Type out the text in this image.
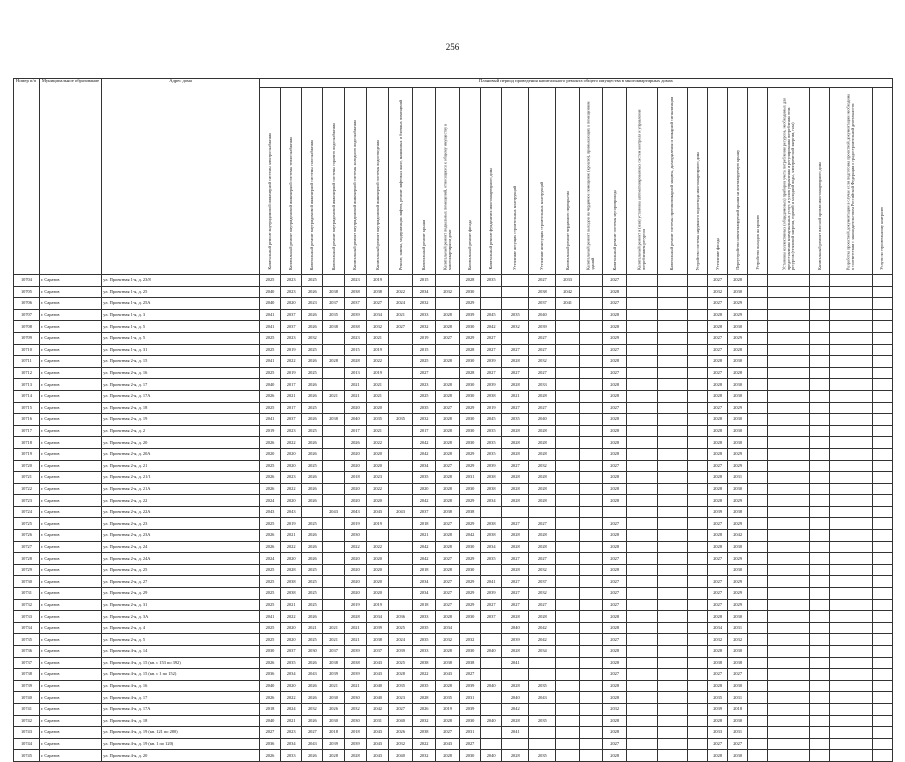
256
Номер п/п	Муниципальное образование	Адрес дома	Плановый период проведения капитального ремонта общего имущества в многоквартирных домах																									

			Капитальный ремонт внутридомовой инженерной системы электроснабжения	Капитальный ремонт внутридомовой инженерной системы теплоснабжения	Капитальный ремонт внутридомовой инженерной системы газоснабжения	Капитальный ремонт внутридомовой инженерной системы горячего водоснабжения	Капитальный ремонт внутридомовой инженерной системы холодного водоснабжения	Капитальный ремонт внутридомовой инженерной системы водоотведения	Ремонт, замена, модернизация лифтов, ремонт лифтовых шахт, машинных и блочных помещений	Капитальный ремонт крыши	Капитальный ремонт подвальных помещений, относящихся к общему имуществу в многоквартирном доме	Капитальный ремонт фасада	Капитальный ремонт фундамента многоквартирного дома	Утепление несущих строительных конструкций	Утепление ненесущих строительных конструкций	Капитальный ремонт чердачного перекрытия	Капитальный ремонт выходов на чердачное помещение (кровлю), примыкающих к помещениям зданий	Капитальный ремонт системы мусоропровода	Капитальный ремонт и (или) установка автоматизированных систем контроля и управления потреблением ресурсов	Капитальный ремонт системы противопожарной защиты, дымоудаления и пожарной сигнализации	Устройство системы наружного водоотвода многоквартирного дома	Утепление фасада	Переустройство невентилируемой крыши на вентилируемую крышу	Устройство выходов на кровлю	Установка коллективных (общедомовых) приборов учета потребления ресурсов, необходимых для предоставления коммунальных услуг, и узлов управления и регулирования потребления этих ресурсов (тепловой энергии, горячей и холодной воды, электрической энергии, газа)	Капитальный ремонт плоской кровли многоквартирного дома	Разработка проектной документации в случае если подготовка проектной документации необходима в соответствии с законодательством Российской Федерации о градостроительной деятельности	Услуги по строительному контролю

10704	г. Саратов	ул. Проектная 1-я, д. 23/8	2025	2023	2025		2023	2019		2015		2028	2035		2027	2033		2027				2027	2028					
10705	г. Саратов	ул. Проектная 1-я, д. 25	2040	2023	2026	2038	2038	2038	2022	2034	2032	2030			2038	2042		2028				2032	2030					
10706	г. Саратов	ул. Проектная 1-я, д. 25А	2040	2020	2023	2037	2037	2027	2024	2032		2029			2037	2041		2027				2027	2029					
10707	г. Саратов	ул. Проектная 1-я, д. 3	2041	2037	2026	2035	2039	2034	2021	2033	2028	2039	2045	2035	2040			2028				2028	2029					
10708	г. Саратов	ул. Проектная 1-я, д. 5	2041	2037	2026	2038	2038	2032	2027	2032	2028	2030	2042	2032	2039			2028				2028	2030					
10709	г. Саратов	ул. Проектная 1-я, д. 5	2025	2023	2032		2023	2021		2019	2027	2029	2027		2027			2029				2027	2029					
10710	г. Саратов	ул. Проектная 1-я, д. 31	2025	2019	2025		2015	2019		2015		2028	2027	2027	2027			2027				2027	2028					
10711	г. Саратов	ул. Проектная 2-я, д. 15	2041	2022	2026	2028	2028	2022		2025	2028	2030	2039	2028	2032			2028				2028	2030					
10712	г. Саратов	ул. Проектная 2-я, д. 16	2025	2019	2025		2013	2019		2027		2028	2027	2027	2027			2027				2027	2028					
10713	г. Саратов	ул. Проектная 2-я, д. 17	2040	2017	2026		2021	2021		2023	2028	2030	2039	2028	2033			2028				2028	2030					
10714	г. Саратов	ул. Проектная 2-я, д. 17А	2026	2021	2026	2021	2021	2021		2025	2028	2030	2038	2021	2028			2028				2028	2030					
10715	г. Саратов	ул. Проектная 2-я, д. 18	2025	2017	2025		2020	2020		2035	2027	2029	2019	2027	2027			2027				2027	2029					
10716	г. Саратов	ул. Проектная 2-я, д. 19	2041	2037	2026	2038	2040	2035	2035	2032	2028	2030	2045	2035	2040			2028				2028	2030					
10717	г. Саратов	ул. Проектная 2-я, д. 2	2019	2023	2025		2017	2021		2017	2028	2030	2035	2028	2028			2028				2028	2030					
10718	г. Саратов	ул. Проектная 2-я, д. 20	2026	2022	2026		2026	2022		2042	2028	2030	2035	2028	2028			2028				2028	2030					
10719	г. Саратов	ул. Проектная 2-я, д. 20А	2020	2020	2026		2020	2020		2042	2028	2029	2035	2028	2028			2028				2028	2029					
10720	г. Саратов	ул. Проектная 2-я, д. 21	2025	2020	2025		2020	2020		2034	2027	2029	2039	2027	2032			2027				2027	2029					
10721	г. Саратов	ул. Проектная 2-я, д. 21/1	2026	2023	2026		2018	2023		2035	2028	2031	2038	2028	2028			2028				2028	2031					
10722	г. Саратов	ул. Проектная 2-я, д. 21А	2026	2022	2026		2020	2022		2020	2028	2030	2038	2028	2028			2028				2028	2030					
10723	г. Саратов	ул. Проектная 2-я, д. 22	2024	2020	2026		2020	2020		2042	2028	2029	2034	2028	2028			2028				2028	2029					
10724	г. Саратов	ул. Проектная 2-я, д. 22А	2043	2043		2043	2043	2043	2043	2037	2038	2038										2039	2038					
10725	г. Саратов	ул. Проектная 2-я, д. 23	2025	2019	2025		2019	2019		2018	2027	2029	2038	2027	2027			2027				2027	2029					
10726	г. Саратов	ул. Проектная 2-я, д. 23А	2026	2021	2026		2030			2021	2028	2042	2038	2028	2028			2028				2028	2042					
10727	г. Саратов	ул. Проектная 2-я, д. 24	2026	2022	2026		2022	2022		2042	2028	2030	2034	2028	2028			2028				2028	2030					
10728	г. Саратов	ул. Проектная 2-я, д. 24А	2024	2020	2026		2020	2020		2042	2027	2029	2035	2027	2027			2027				2027	2029					
10729	г. Саратов	ул. Проектная 2-я, д. 25	2025	2028	2025		2020	2020		2018	2028	2030		2028	2032			2028					2030					
10730	г. Саратов	ул. Проектная 2-я, д. 27	2025	2038	2025		2020	2020		2034	2027	2029	2041	2027	2037			2027				2027	2029					
10731	г. Саратов	ул. Проектная 2-я, д. 29	2025	2038	2025		2020	2020		2034	2027	2029	2039	2027	2032			2027				2027	2029					
10732	г. Саратов	ул. Проектная 2-я, д. 31	2025	2021	2025		2019	2019		2018	2027	2029	2027	2027	2027			2027				2027	2029					
10733	г. Саратов	ул. Проектная 2-я, д. 3А	2041	2022	2026		2028	2034	2036	2033	2028	2030	2037	2028	2028			2028				2028	2030					
10734	г. Саратов	ул. Проектная 2-я, д. 4	2025	2020	2021	2021	2021	2039	2025	2035	2034			2040	2042			2028				2034	2031					
10735	г. Саратов	ул. Проектная 2-я, д. 5	2025	2020	2025	2021	2021	2038	2024	2035	2032	2032		2039	2042			2027				2032	2032					
10736	г. Саратов	ул. Проектная 4-я, д. 14	2030	2037	2030	2037	2039	2037	2039	2033	2028	2030	2040	2028	2034			2028				2028	2030					
10737	г. Саратов	ул. Проектная 4-я, д. 15 (кв. с 153 по 392)	2026	2035	2026	2038	2038	2043	2025	2038	2038	2038		2041				2028				2038	2038					
10738	г. Саратов	ул. Проектная 4-я, д. 15 (кв. с 1 по 152)	2036	2034	2043	2039	2039	2043	2028	2022	2043	2027						2027				2027	2027					
10739	г. Саратов	ул. Проектная 4-я, д. 16	2040	2020	2026	2021	2021	2040	2035	2035	2028	2039	2040	2028	2035			2028				2028	2030					
10740	г. Саратов	ул. Проектная 4-я, д. 17	2026	2022	2026	2030	2030	2040	2023	2028	2035	2031		2040	2043			2028				2035	2031					
10741	г. Саратов	ул. Проектная 4-я, д. 17А	2018	2024	2032	2026	2032	2042	2027	2026	2019	2039		2042				2032				2039	2018					
10742	г. Саратов	ул. Проектная 4-я, д. 18	2040	2021	2026	2030	2030	2031	2040	2032	2028	2030	2040	2028	2035			2028				2028	2030					
10743	г. Саратов	ул. Проектная 4-я, д. 19 (кв. 121 по 280)	2027	2023	2027	2018	2018	2043	2026	2038	2027	2031		2041				2028				2033	2031					
10744	г. Саратов	ул. Проектная 4-я, д. 19 (кв. 1 по 120)	2036	2034	2043	2039	2039	2043	2032	2022	2043	2027						2027				2027	2027					
10745	г. Саратов	ул. Проектная 4-я, д. 20	2026	2033	2026	2028	2028	2043	2040	2032	2028	2030	2040	2028	2035			2028				2028	2030					
